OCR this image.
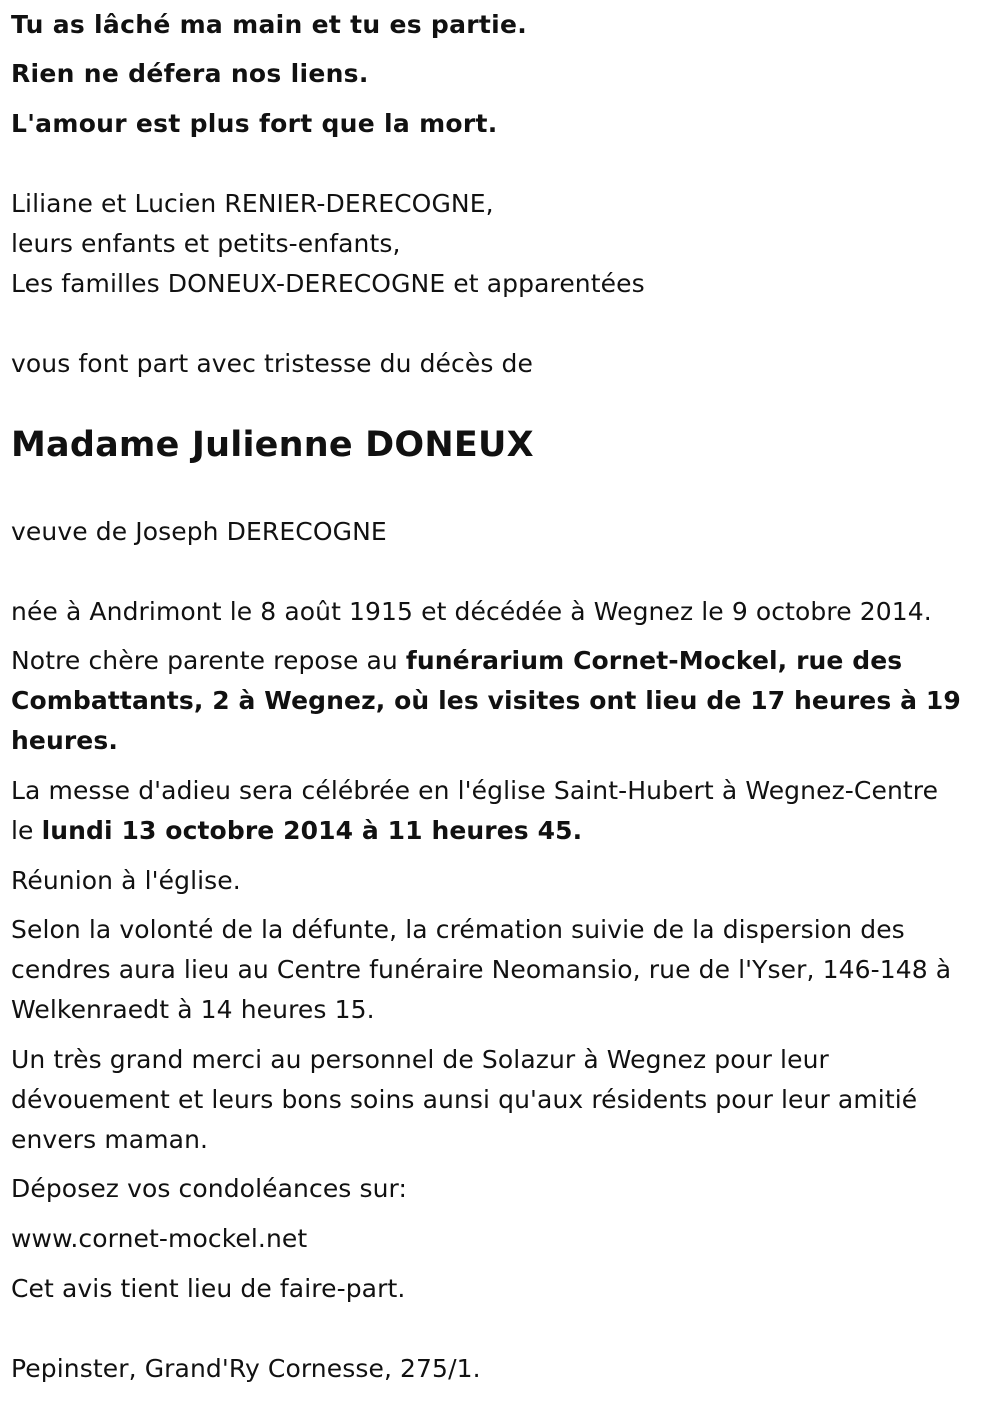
Tu as lâché ma main et tu es partie.
Rien ne défera nos liens.
L'amour est plus fort que la mort.
Liliane et Lucien RENIER-DERECOGNE,
leurs enfants et petits-enfants,
Les familles DONEUX-DERECOGNE et apparentées
vous font part avec tristesse du décès de
Madame Julienne DONEUX
veuve de Joseph DERECOGNE
née à Andrimont le 8 août 1915 et décédée à Wegnez le 9 octobre 2014.
Notre chère parente repose au funérarium Cornet-Mockel, rue des
Combattants, 2 à Wegnez, où les visites ont lieu de 17 heures à 19
heures.
La messe d'adieu sera célébrée en l'église Saint-Hubert à Wegnez-Centre
le lundi 13 octobre 2014 à 11 heures 45.
Réunion à l'église.
Selon la volonté de la défunte, la crémation suivie de la dispersion des
cendres aura lieu au Centre funéraire Neomansio, rue de l'Yser, 146-148 à
Welkenraedt à 14 heures 15.
Un très grand merci au personnel de Solazur à Wegnez pour leur
dévouement et leurs bons soins aunsi qu'aux résidents pour leur amitié
envers maman.
Déposez vos condoléances sur:
www.cornet-mockel.net
Cet avis tient lieu de faire-part.
Pepinster, Grand'Ry Cornesse, 275/1.
